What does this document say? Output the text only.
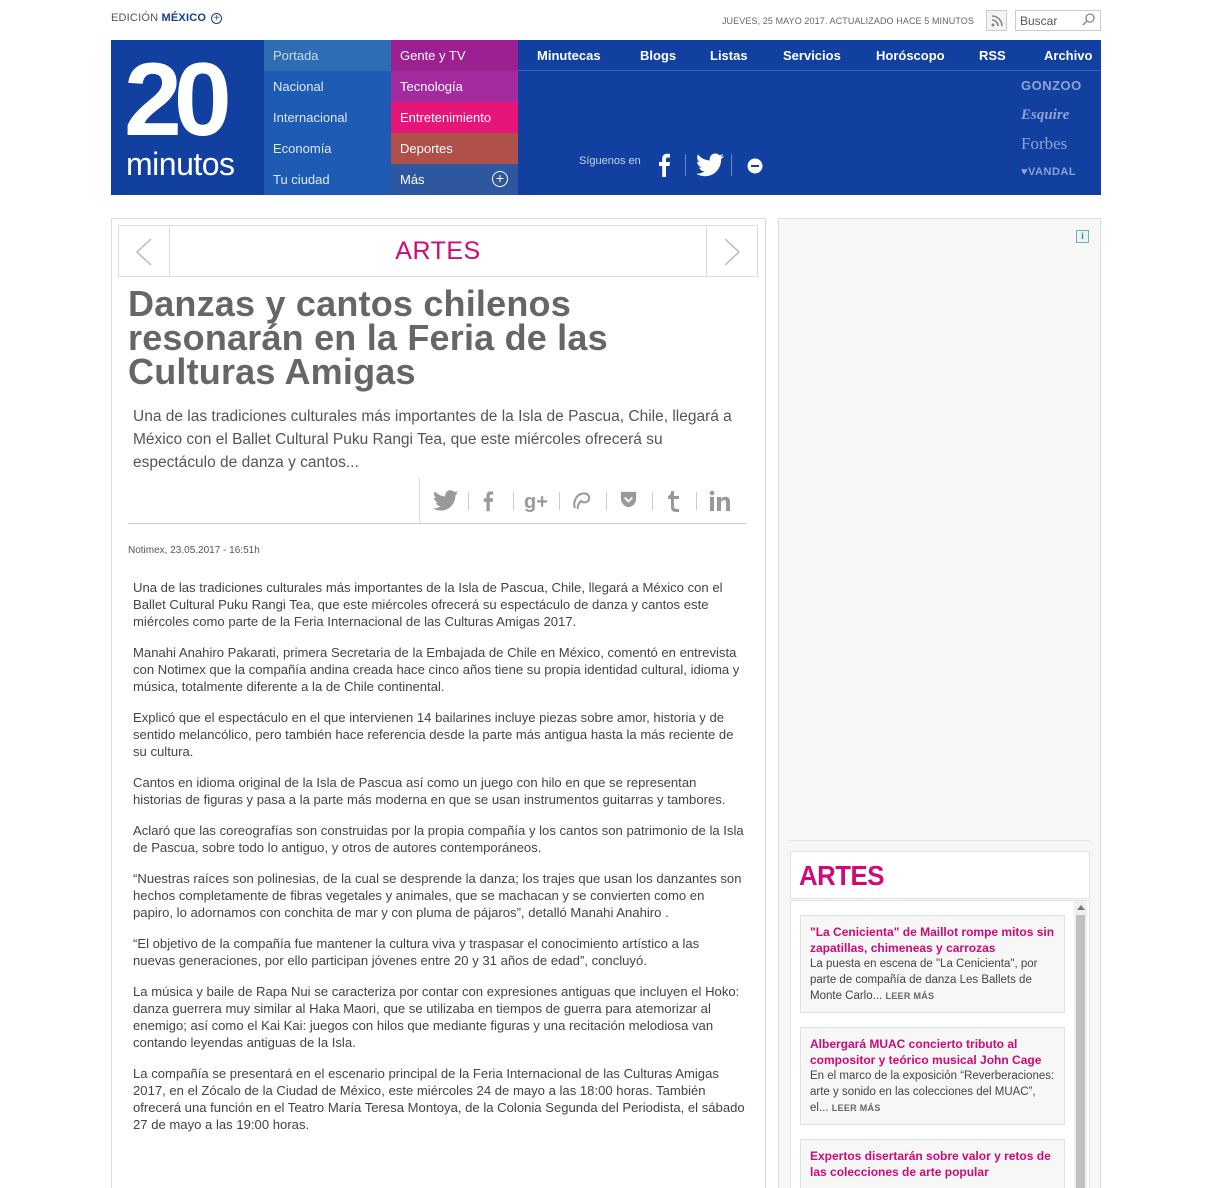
EDICIÓN MÉXICO +	JUEVES, 25 MAYO 2017. ACTUALIZADO HACE 5 MINUTOS	Buscar
20
minutos
Portada
Nacional
Internacional
Economía
Tu ciudad
Gente y TV
Tecnología
Entretenimiento
Deportes
Más	+
Minutecas	Blogs	Listas	Servicios	Horóscopo	RSS	Archivo
Síguenos en
GONZOO
Esquire
Forbes
♥VANDAL
ARTES
Danzas y cantos chilenos resonarán en la Feria de las Culturas Amigas

Una de las tradiciones culturales más importantes de la Isla de Pascua, Chile, llegará a México con el Ballet Cultural Puku Rangi Tea, que este miércoles ofrecerá su espectáculo de danza y cantos...

g+
Notimex, 23.05.2017 - 16:51h

Una de las tradiciones culturales más importantes de la Isla de Pascua, Chile, llegará a México con el Ballet Cultural Puku Rangi Tea, que este miércoles ofrecerá su espectáculo de danza y cantos este miércoles como parte de la Feria Internacional de las Culturas Amigas 2017.

Manahi Anahiro Pakarati, primera Secretaria de la Embajada de Chile en México, comentó en entrevista con Notimex que la compañía andina creada hace cinco años tiene su propia identidad cultural, idioma y música, totalmente diferente a la de Chile continental.

Explicó que el espectáculo en el que intervienen 14 bailarines incluye piezas sobre amor, historia y de sentido melancólico, pero también hace referencia desde la parte más antigua hasta la más reciente de su cultura.

Cantos en idioma original de la Isla de Pascua así como un juego con hilo en que se representan historias de figuras y pasa a la parte más moderna en que se usan instrumentos guitarras y tambores.

Aclaró que las coreografías son construidas por la propia compañía y los cantos son patrimonio de la Isla de Pascua, sobre todo lo antiguo, y otros de autores contemporáneos.

“Nuestras raíces son polinesias, de la cual se desprende la danza; los trajes que usan los danzantes son hechos completamente de fibras vegetales y animales, que se machacan y se convierten como en papiro, lo adornamos con conchita de mar y con pluma de pájaros”, detalló Manahi Anahiro .

“El objetivo de la compañía fue mantener la cultura viva y traspasar el conocimiento artístico a las nuevas generaciones, por ello participan jóvenes entre 20 y 31 años de edad”, concluyó.

La música y baile de Rapa Nui se caracteriza por contar con expresiones antiguas que incluyen el Hoko: danza guerrera muy similar al Haka Maori, que se utilizaba en tiempos de guerra para atemorizar al enemigo; así como el Kai Kai: juegos con hilos que mediante figuras y una recitación melodiosa van contando leyendas antiguas de la Isla.

La compañía se presentará en el escenario principal de la Feria Internacional de las Culturas Amigas 2017, en el Zócalo de la Ciudad de México, este miércoles 24 de mayo a las 18:00 horas. También ofrecerá una función en el Teatro María Teresa Montoya, de la Colonia Segunda del Periodista, el sábado 27 de mayo a las 19:00 horas.

i
ARTES
"La Cenicienta" de Maillot rompe mitos sin zapatillas, chimeneas y carrozas
La puesta en escena de "La Cenicienta", por parte de compañía de danza Les Ballets de Monte Carlo... LEER MÁS
Albergará MUAC concierto tributo al compositor y teórico musical John Cage
En el marco de la exposición “Reverberaciones: arte y sonido en las colecciones del MUAC”, el... LEER MÁS
Expertos disertarán sobre valor y retos de las colecciones de arte popular
